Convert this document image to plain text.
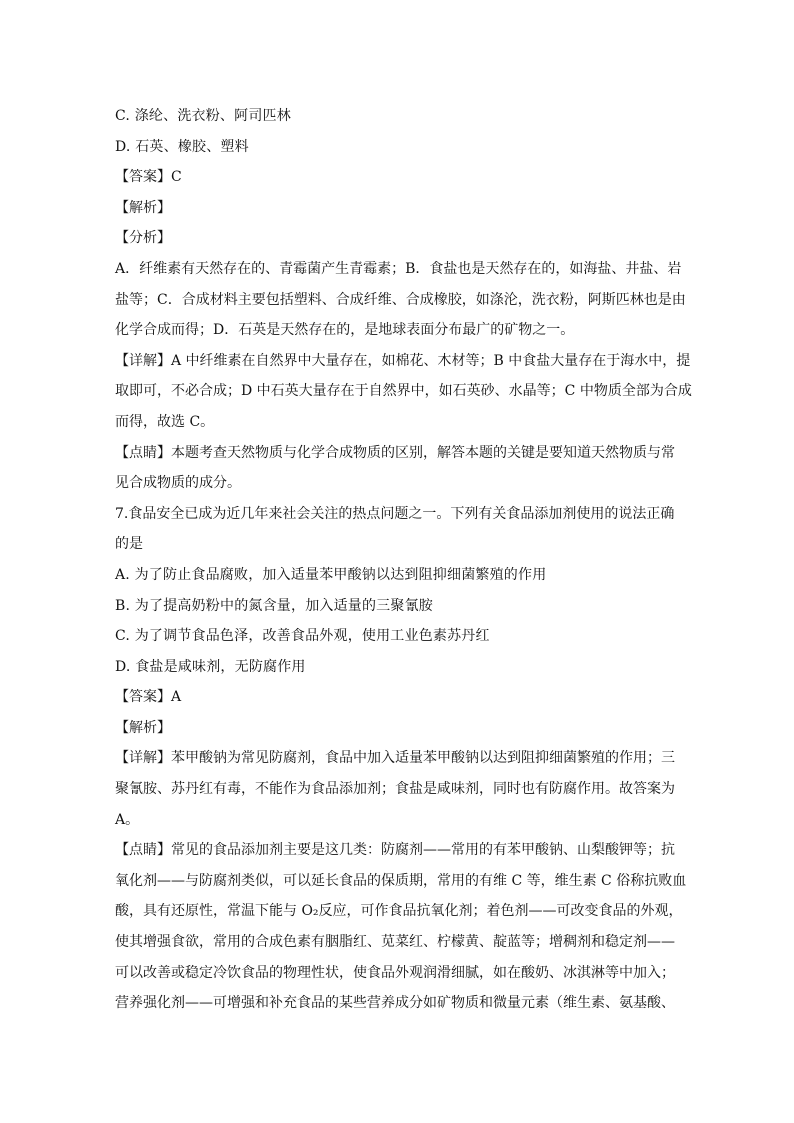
C. 涤纶、洗衣粉、阿司匹林
D. 石英、橡胶、塑料
【答案】C
【解析】
【分析】
A．纤维素有天然存在的、青霉菌产生青霉素；B．食盐也是天然存在的，如海盐、井盐、岩
盐等；C．合成材料主要包括塑料、合成纤维、合成橡胶，如涤沦，洗衣粉，阿斯匹林也是由
化学合成而得；D．石英是天然存在的，是地球表面分布最广的矿物之一。
【详解】A 中纤维素在自然界中大量存在，如棉花、木材等；B 中食盐大量存在于海水中，提
取即可，不必合成；D 中石英大量存在于自然界中，如石英砂、水晶等；C 中物质全部为合成
而得，故选 C。
【点睛】本题考查天然物质与化学合成物质的区别，解答本题的关键是要知道天然物质与常
见合成物质的成分。
7.食品安全已成为近几年来社会关注的热点问题之一。下列有关食品添加剂使用的说法正确
的是
A. 为了防止食品腐败，加入适量苯甲酸钠以达到阻抑细菌繁殖的作用
B. 为了提高奶粉中的氮含量，加入适量的三聚氰胺
C. 为了调节食品色泽，改善食品外观，使用工业色素苏丹红
D. 食盐是咸味剂，无防腐作用
【答案】A
【解析】
【详解】苯甲酸钠为常见防腐剂，食品中加入适量苯甲酸钠以达到阻抑细菌繁殖的作用；三
聚氰胺、苏丹红有毒，不能作为食品添加剂；食盐是咸味剂，同时也有防腐作用。故答案为
A。
【点睛】常见的食品添加剂主要是这几类：防腐剂——常用的有苯甲酸钠、山梨酸钾等；抗
氧化剂——与防腐剂类似，可以延长食品的保质期，常用的有维 C 等，维生素 C 俗称抗败血
酸，具有还原性，常温下能与 O₂反应，可作食品抗氧化剂；着色剂——可改变食品的外观，
使其增强食欲，常用的合成色素有胭脂红、苋菜红、柠檬黄、靛蓝等；增稠剂和稳定剂——
可以改善或稳定冷饮食品的物理性状，使食品外观润滑细腻，如在酸奶、冰淇淋等中加入；
营养强化剂——可增强和补充食品的某些营养成分如矿物质和微量元素（维生素、氨基酸、
